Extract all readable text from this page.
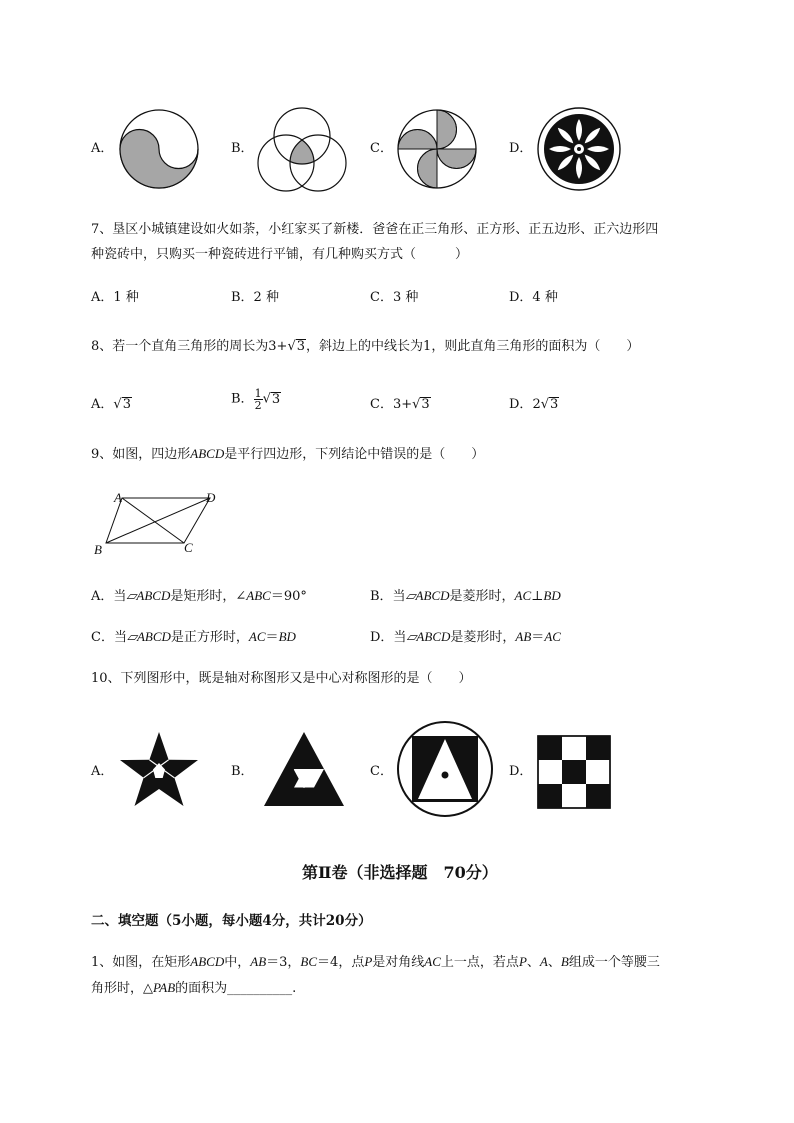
A．	B．	C．	D．
7、垦区小城镇建设如火如荼，小红家买了新楼．爸爸在正三角形、正方形、正五边形、正六边形四
种瓷砖中，只购买一种瓷砖进行平铺，有几种购买方式（　　　）
A．1 种	B．2 种	C．3 种	D．4 种
8、若一个直角三角形的周长为3+√3，斜边上的中线长为1，则此直角三角形的面积为（　　）
A．√3	B． $\frac{1}{2} √3$	C．3+√3	D．2√3
9、如图，四边形ABCD是平行四边形，下列结论中错误的是（　　）
A	D
B	C
A．当▱ABCD是矩形时，∠ABC＝90°	B．当▱ABCD是菱形时，AC⊥BD
C．当▱ABCD是正方形时，AC＝BD	D．当▱ABCD是菱形时，AB＝AC
10、下列图形中，既是轴对称图形又是中心对称图形的是（　　）
A．	B．	C．	D．
第Ⅱ卷（非选择题　70分）
二、填空题（5小题，每小题4分，共计20分）
1、如图，在矩形ABCD中，AB＝3，BC＝4，点P是对角线AC上一点，若点P、A、B组成一个等腰三
角形时，△PAB的面积为__________.
